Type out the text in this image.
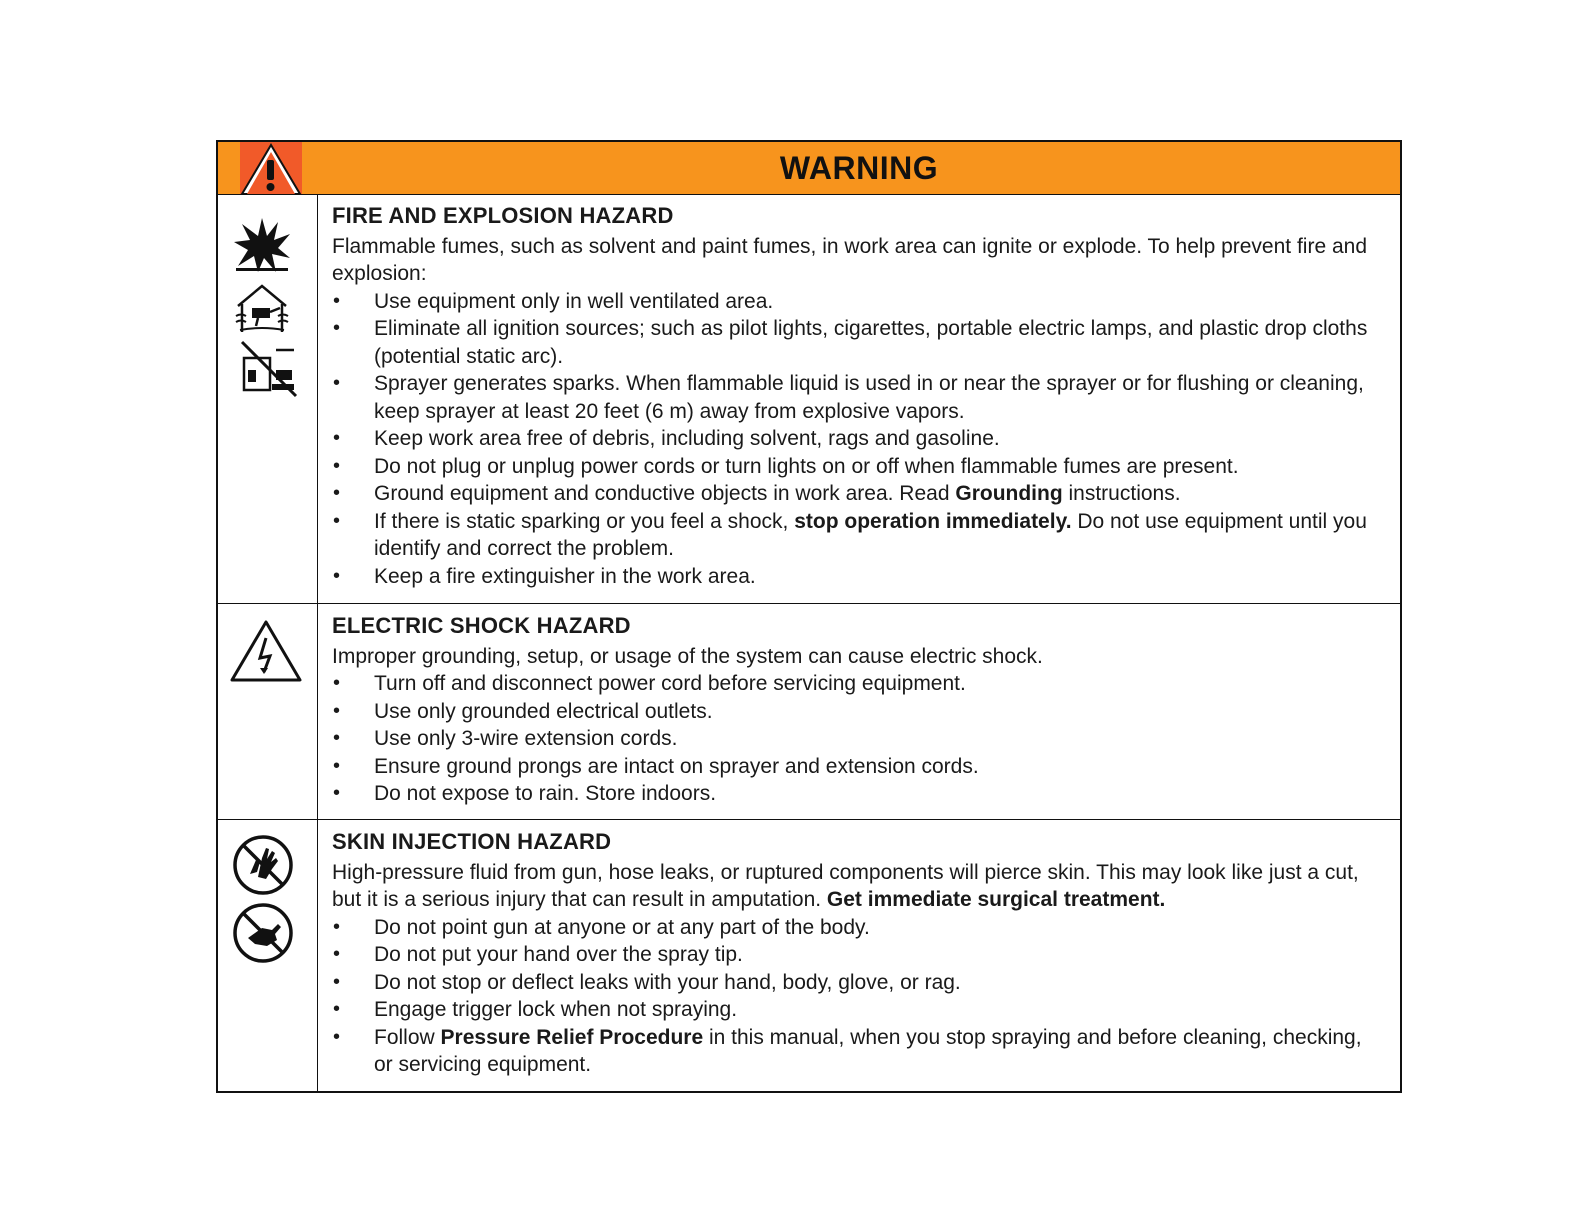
WARNING
FIRE AND EXPLOSION HAZARD

Flammable fumes, such as solvent and paint fumes, in work area can ignite or explode. To help prevent fire and explosion:

• Use equipment only in well ventilated area.
• Eliminate all ignition sources; such as pilot lights, cigarettes, portable electric lamps, and plastic drop cloths (potential static arc).
• Sprayer generates sparks. When flammable liquid is used in or near the sprayer or for flushing or cleaning, keep sprayer at least 20 feet (6 m) away from explosive vapors.
• Keep work area free of debris, including solvent, rags and gasoline.
• Do not plug or unplug power cords or turn lights on or off when flammable fumes are present.
• Ground equipment and conductive objects in work area. Read Grounding instructions.
• If there is static sparking or you feel a shock, stop operation immediately. Do not use equipment until you identify and correct the problem.
• Keep a fire extinguisher in the work area.
ELECTRIC SHOCK HAZARD

Improper grounding, setup, or usage of the system can cause electric shock.

• Turn off and disconnect power cord before servicing equipment.
• Use only grounded electrical outlets.
• Use only 3-wire extension cords.
• Ensure ground prongs are intact on sprayer and extension cords.
• Do not expose to rain. Store indoors.
SKIN INJECTION HAZARD

High-pressure fluid from gun, hose leaks, or ruptured components will pierce skin. This may look like just a cut, but it is a serious injury that can result in amputation. Get immediate surgical treatment.

• Do not point gun at anyone or at any part of the body.
• Do not put your hand over the spray tip.
• Do not stop or deflect leaks with your hand, body, glove, or rag.
• Engage trigger lock when not spraying.
• Follow Pressure Relief Procedure in this manual, when you stop spraying and before cleaning, checking, or servicing equipment.
